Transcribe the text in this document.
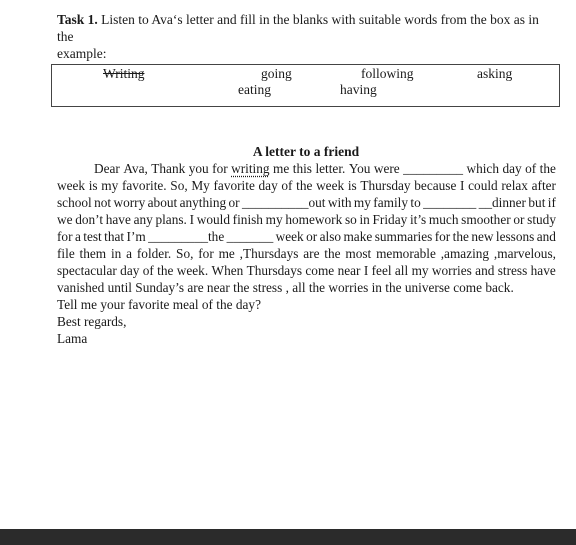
Task 1. Listen to Ava‘s letter and fill in the blanks with suitable words from the box as in the
example:
Writing	going	following	asking
eating	having
A letter to a friend
Dear Ava, Thank you for writing me this letter. You were _________ which day of the
week is my favorite. So, My favorite day of the week is Thursday because I could relax after
school not worry about anything or __________out with my family to ________ __dinner but if
we don’t have any plans. I would finish my homework so in Friday it’s much smoother or study
for a test that I’m _________the _______ week or also make summaries for the new lessons and
file them in a folder. So, for me ,Thursdays are the most memorable ,amazing ,marvelous,
spectacular day of the week. When Thursdays come near I feel all my worries and stress have
vanished until Sunday’s are near the stress , all the worries in the universe come back.
Tell me your favorite meal of the day?
Best regards,
Lama
